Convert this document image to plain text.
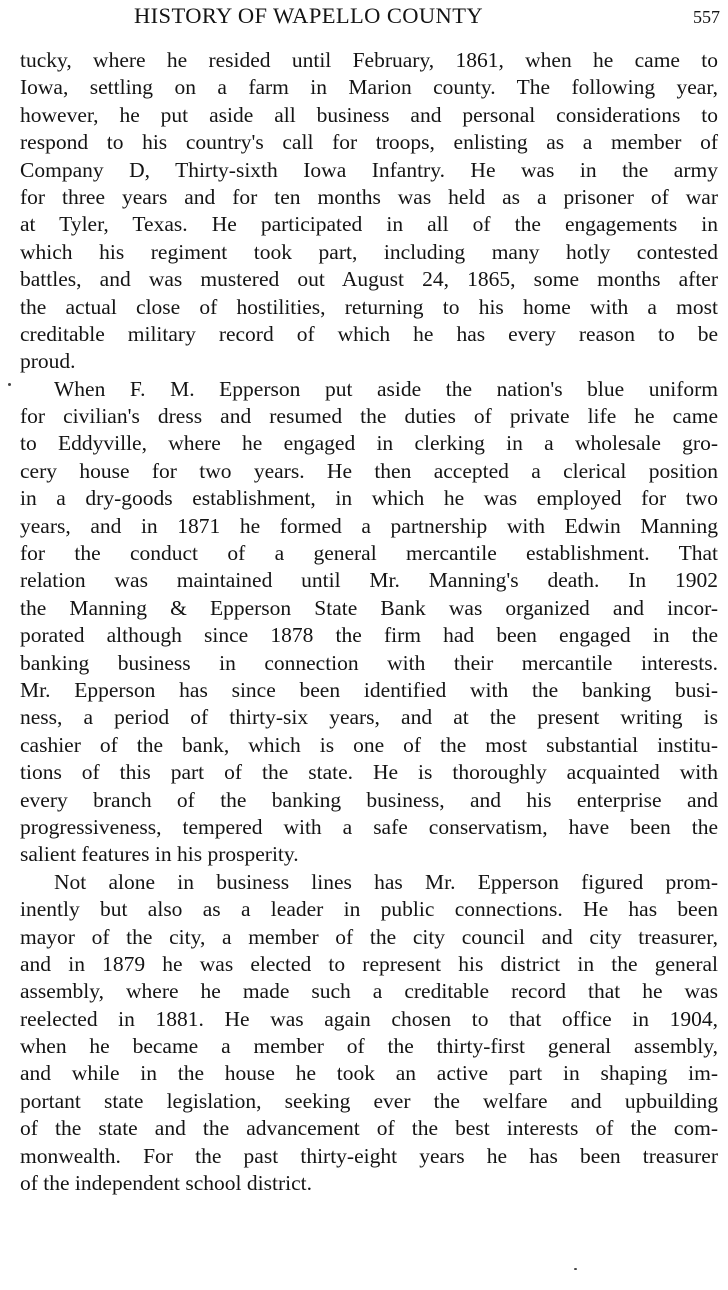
HISTORY OF WAPELLO COUNTY	557
tucky, where he resided until February, 1861, when he came to
Iowa, settling on a farm in Marion county. The following year,
however, he put aside all business and personal considerations to
respond to his country's call for troops, enlisting as a member of
Company D, Thirty-sixth Iowa Infantry. He was in the army
for three years and for ten months was held as a prisoner of war
at Tyler, Texas. He participated in all of the engagements in
which his regiment took part, including many hotly contested
battles, and was mustered out August 24, 1865, some months after
the actual close of hostilities, returning to his home with a most
creditable military record of which he has every reason to be
proud.
When F. M. Epperson put aside the nation's blue uniform
for civilian's dress and resumed the duties of private life he came
to Eddyville, where he engaged in clerking in a wholesale gro-
cery house for two years. He then accepted a clerical position
in a dry-goods establishment, in which he was employed for two
years, and in 1871 he formed a partnership with Edwin Manning
for the conduct of a general mercantile establishment. That
relation was maintained until Mr. Manning's death. In 1902
the Manning & Epperson State Bank was organized and incor-
porated although since 1878 the firm had been engaged in the
banking business in connection with their mercantile interests.
Mr. Epperson has since been identified with the banking busi-
ness, a period of thirty-six years, and at the present writing is
cashier of the bank, which is one of the most substantial institu-
tions of this part of the state. He is thoroughly acquainted with
every branch of the banking business, and his enterprise and
progressiveness, tempered with a safe conservatism, have been the
salient features in his prosperity.
Not alone in business lines has Mr. Epperson figured prom-
inently but also as a leader in public connections. He has been
mayor of the city, a member of the city council and city treasurer,
and in 1879 he was elected to represent his district in the general
assembly, where he made such a creditable record that he was
reelected in 1881. He was again chosen to that office in 1904,
when he became a member of the thirty-first general assembly,
and while in the house he took an active part in shaping im-
portant state legislation, seeking ever the welfare and upbuilding
of the state and the advancement of the best interests of the com-
monwealth. For the past thirty-eight years he has been treasurer
of the independent school district.
